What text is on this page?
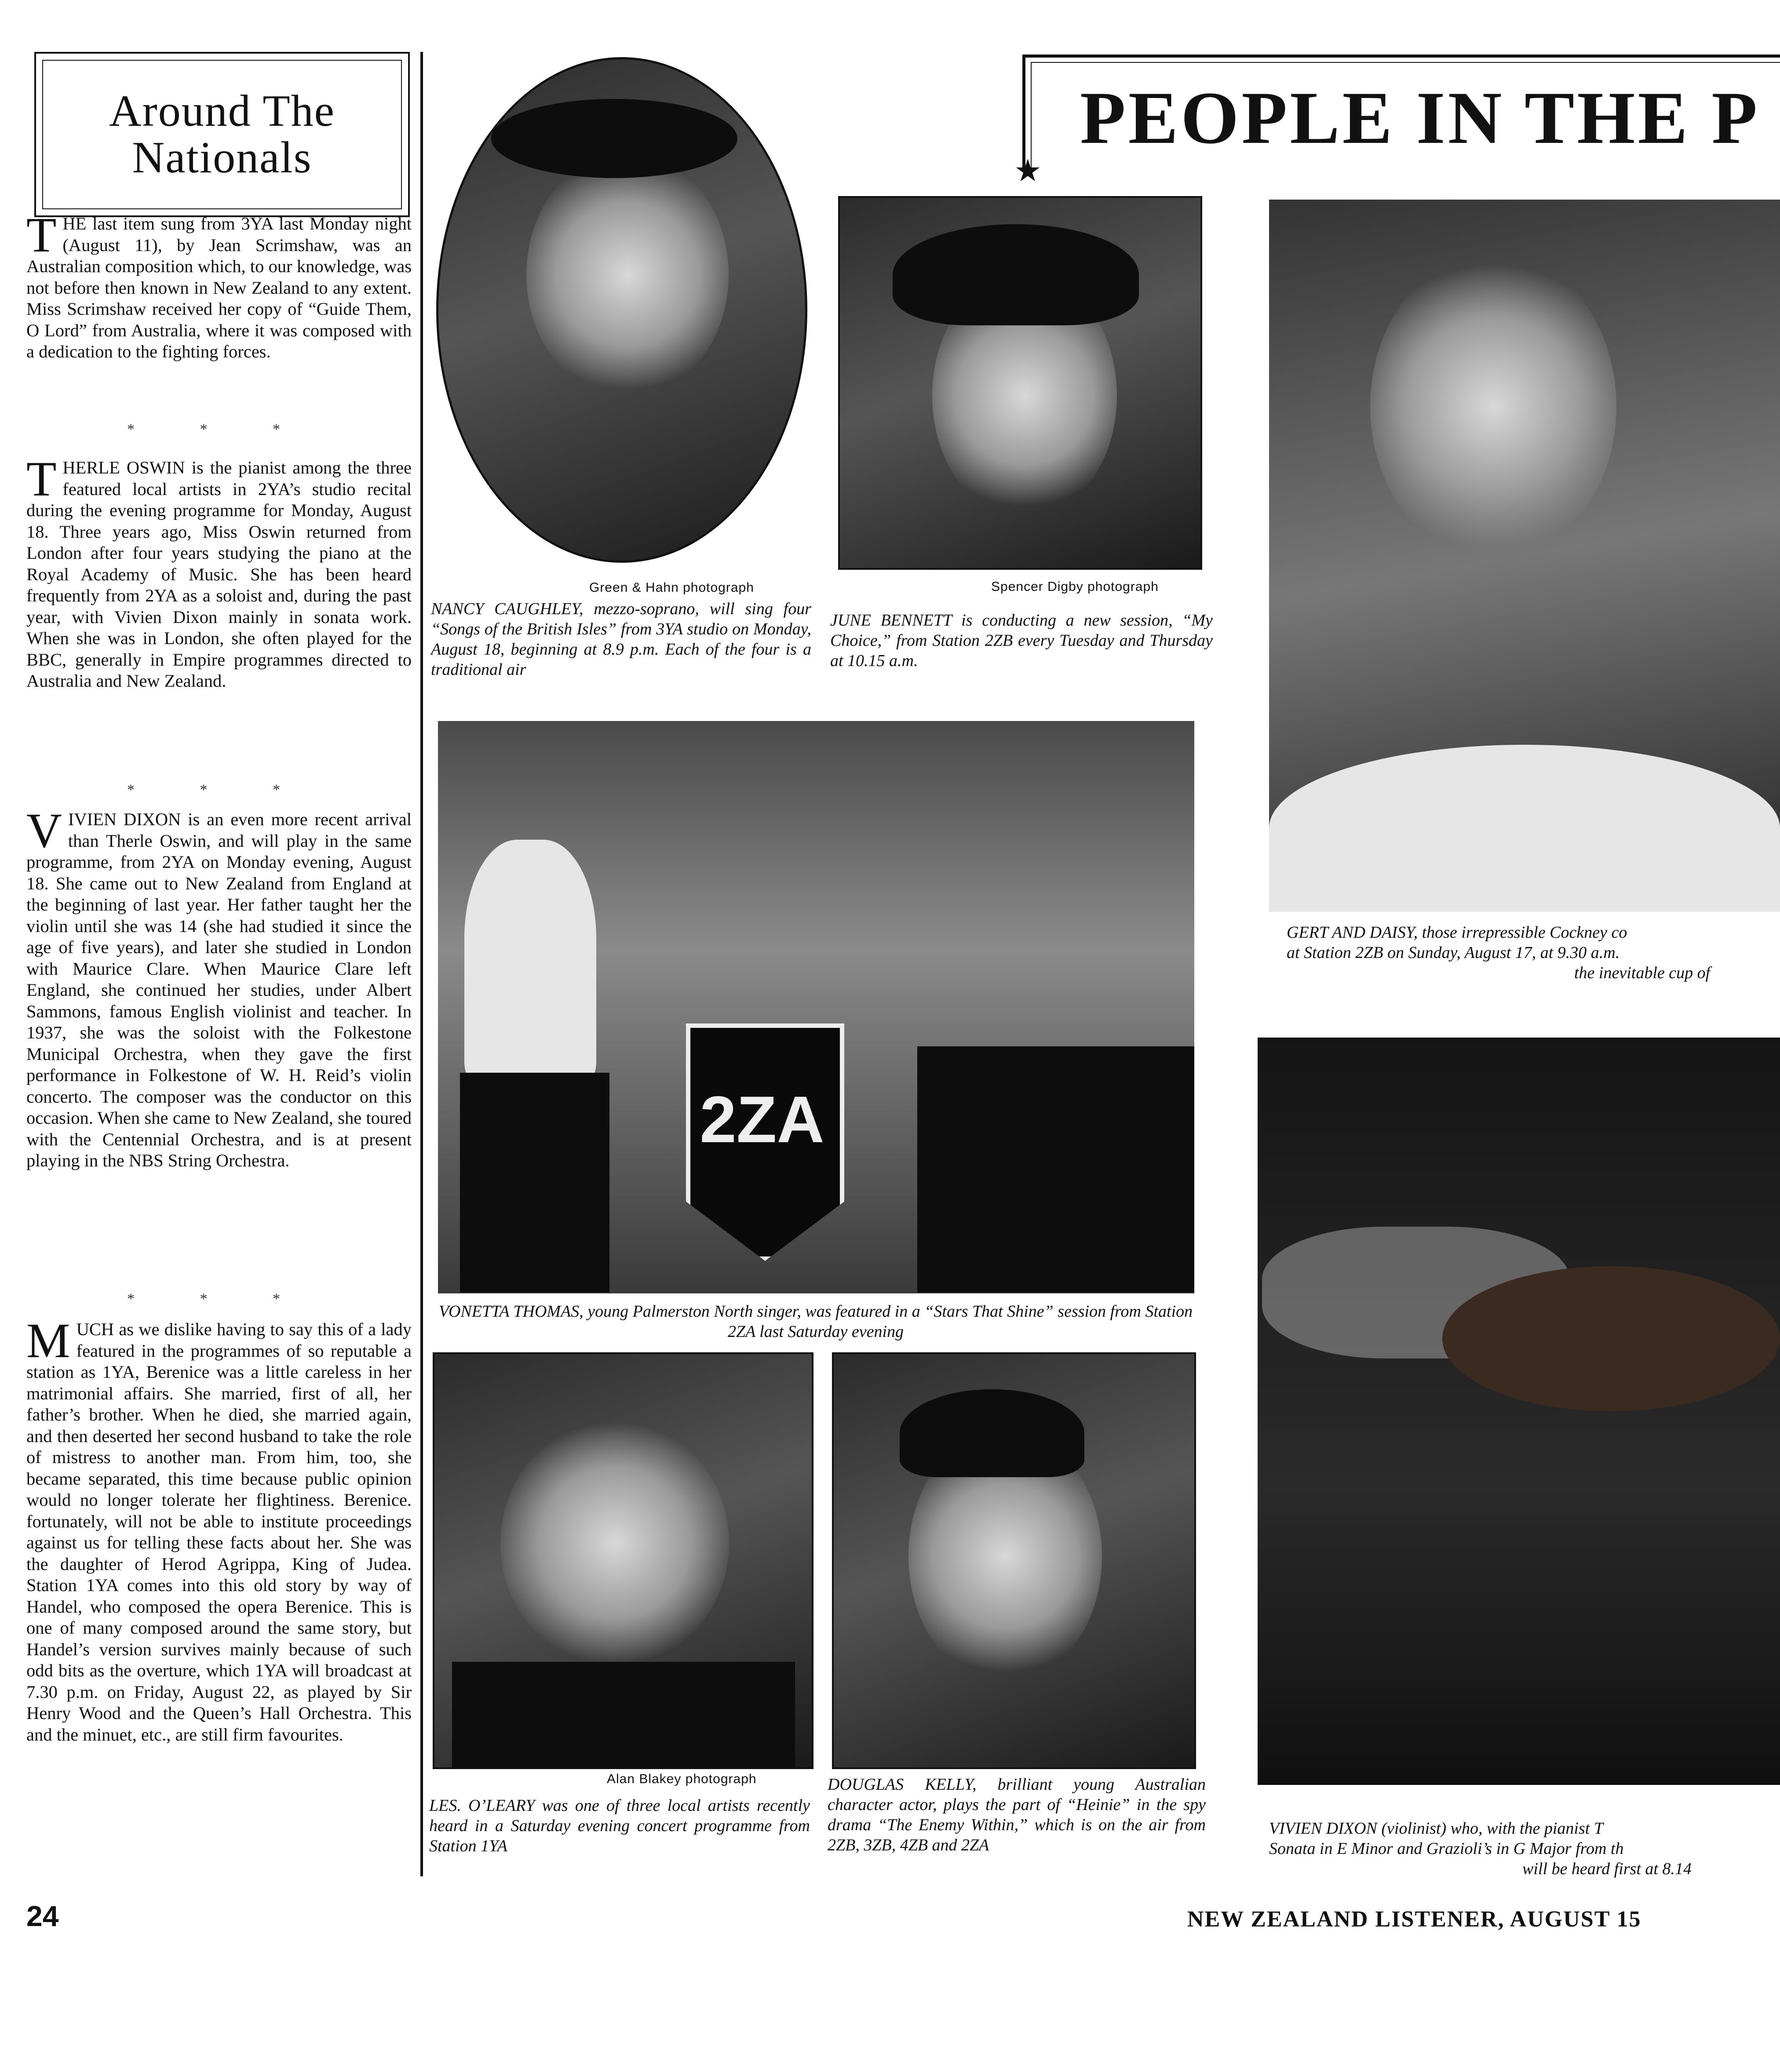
Around The
Nationals

THE last item sung from 3YA last Monday night (August 11), by Jean Scrimshaw, was an Australian composition which, to our knowledge, was not before then known in New Zealand to any extent. Miss Scrimshaw received her copy of “Guide Them, O Lord” from Australia, where it was composed with a dedication to the fighting forces.

* * *

THERLE OSWIN is the pianist among the three featured local artists in 2YA’s studio recital during the evening programme for Monday, August 18. Three years ago, Miss Oswin returned from London after four years studying the piano at the Royal Academy of Music. She has been heard frequently from 2YA as a soloist and, during the past year, with Vivien Dixon mainly in sonata work. When she was in London, she often played for the BBC, generally in Empire programmes directed to Australia and New Zealand.

* * *

VIVIEN DIXON is an even more recent arrival than Therle Oswin, and will play in the same programme, from 2YA on Monday evening, August 18. She came out to New Zealand from England at the beginning of last year. Her father taught her the violin until she was 14 (she had studied it since the age of five years), and later she studied in London with Maurice Clare. When Maurice Clare left England, she continued her studies, under Albert Sammons, famous English violinist and teacher. In 1937, she was the soloist with the Folkestone Municipal Orchestra, when they gave the first performance in Folkestone of W. H. Reid’s violin concerto. The composer was the conductor on this occasion. When she came to New Zealand, she toured with the Centennial Orchestra, and is at present playing in the NBS String Orchestra.

* * *

MUCH as we dislike having to say this of a lady featured in the programmes of so reputable a station as 1YA, Berenice was a little careless in her matrimonial affairs. She married, first of all, her father’s brother. When he died, she married again, and then deserted her second husband to take the role of mistress to another man. From him, too, she became separated, this time because public opinion would no longer tolerate her flightiness. Berenice. fortunately, will not be able to institute proceedings against us for telling these facts about her. She was the daughter of Herod Agrippa, King of Judea. Station 1YA comes into this old story by way of Handel, who composed the opera Berenice. This is one of many composed around the same story, but Handel’s version survives mainly because of such odd bits as the overture, which 1YA will broadcast at 7.30 p.m. on Friday, August 22, as played by Sir Henry Wood and the Queen’s Hall Orchestra. This and the minuet, etc., are still firm favourites.

Green & Hahn photograph
NANCY CAUGHLEY, mezzo-soprano, will sing four “Songs of the British Isles” from 3YA studio on Monday, August 18, beginning at 8.9 p.m. Each of the four is a traditional air
Spencer Digby photograph
JUNE BENNETT is conducting a new session, “My Choice,” from Station 2ZB every Tuesday and Thursday at 10.15 a.m.
2ZA
VONETTA THOMAS, young Palmerston North singer, was featured in a “Stars That Shine” session from Station 2ZA last Saturday evening
Alan Blakey photograph
LES. O’LEARY was one of three local artists recently heard in a Saturday evening concert programme from Station 1YA
DOUGLAS KELLY, brilliant young Australian character actor, plays the part of “Heinie” in the spy drama “The Enemy Within,” which is on the air from 2ZB, 3ZB, 4ZB and 2ZA
PEOPLE IN THE P
★
GERT AND DAISY, those irrepressible Cockney co
at Station 2ZB on Sunday, August 17, at 9.30 a.m.
the inevitable cup of
VIVIEN DIXON (violinist) who, with the pianist T
Sonata in E Minor and Grazioli’s in G Major from th
will be heard first at 8.14
24	NEW ZEALAND LISTENER, AUGUST 15
